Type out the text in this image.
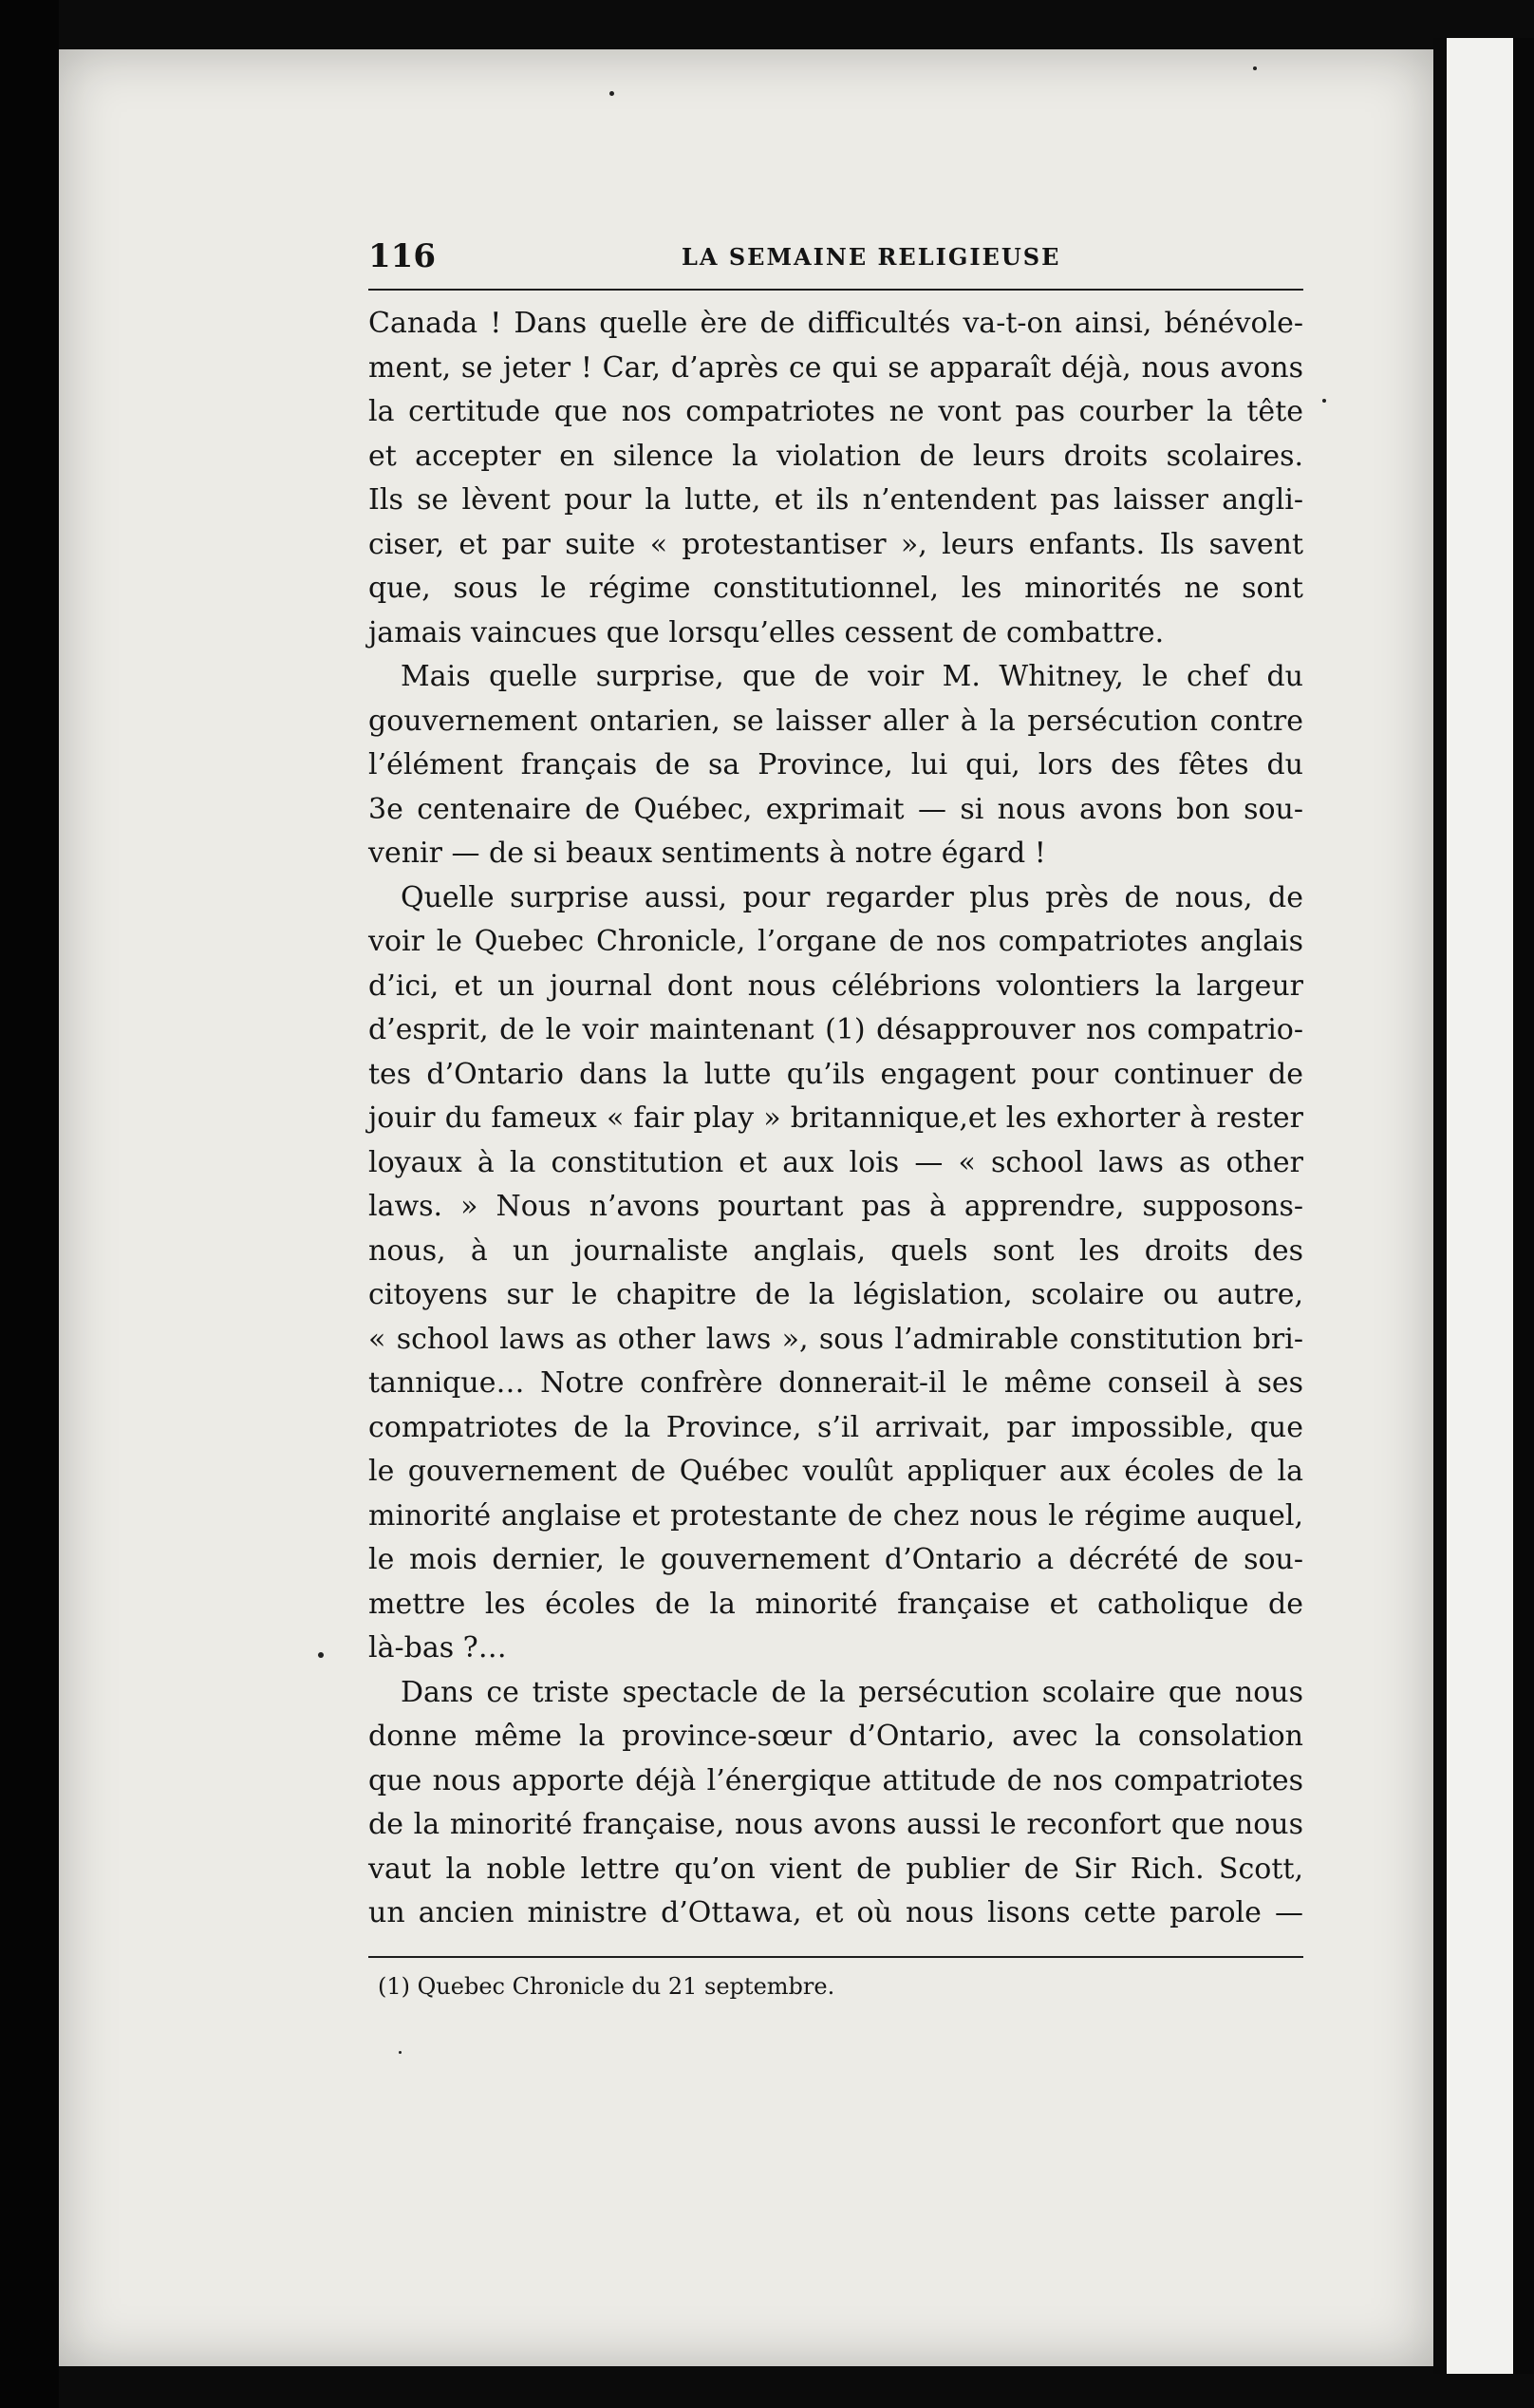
116	LA SEMAINE RELIGIEUSE
Canada ! Dans quelle ère de difficultés va-t-on ainsi, bénévole-
ment, se jeter ! Car, d’après ce qui se apparaît déjà, nous avons
la certitude que nos compatriotes ne vont pas courber la tête
et accepter en silence la violation de leurs droits scolaires.
Ils se lèvent pour la lutte, et ils n’entendent pas laisser angli-
ciser, et par suite « protestantiser », leurs enfants. Ils savent
que, sous le régime constitutionnel, les minorités ne sont
jamais vaincues que lorsqu’elles cessent de combattre.
Mais quelle surprise, que de voir M. Whitney, le chef du
gouvernement ontarien, se laisser aller à la persécution contre
l’élément français de sa Province, lui qui, lors des fêtes du
3e centenaire de Québec, exprimait — si nous avons bon sou-
venir — de si beaux sentiments à notre égard !
Quelle surprise aussi, pour regarder plus près de nous, de
voir le Quebec Chronicle, l’organe de nos compatriotes anglais
d’ici, et un journal dont nous célébrions volontiers la largeur
d’esprit, de le voir maintenant (1) désapprouver nos compatrio-
tes d’Ontario dans la lutte qu’ils engagent pour continuer de
jouir du fameux « fair play » britannique,et les exhorter à rester
loyaux à la constitution et aux lois — « school laws as other
laws. » Nous n’avons pourtant pas à apprendre, supposons-
nous, à un journaliste anglais, quels sont les droits des
citoyens sur le chapitre de la législation, scolaire ou autre,
« school laws as other laws », sous l’admirable constitution bri-
tannique… Notre confrère donnerait-il le même conseil à ses
compatriotes de la Province, s’il arrivait, par impossible, que
le gouvernement de Québec voulût appliquer aux écoles de la
minorité anglaise et protestante de chez nous le régime auquel,
le mois dernier, le gouvernement d’Ontario a décrété de sou-
mettre les écoles de la minorité française et catholique de
là-bas ?…
Dans ce triste spectacle de la persécution scolaire que nous
donne même la province-sœur d’Ontario, avec la consolation
que nous apporte déjà l’énergique attitude de nos compatriotes
de la minorité française, nous avons aussi le reconfort que nous
vaut la noble lettre qu’on vient de publier de Sir Rich. Scott,
un ancien ministre d’Ottawa, et où nous lisons cette parole —
(1) Quebec Chronicle du 21 septembre.
